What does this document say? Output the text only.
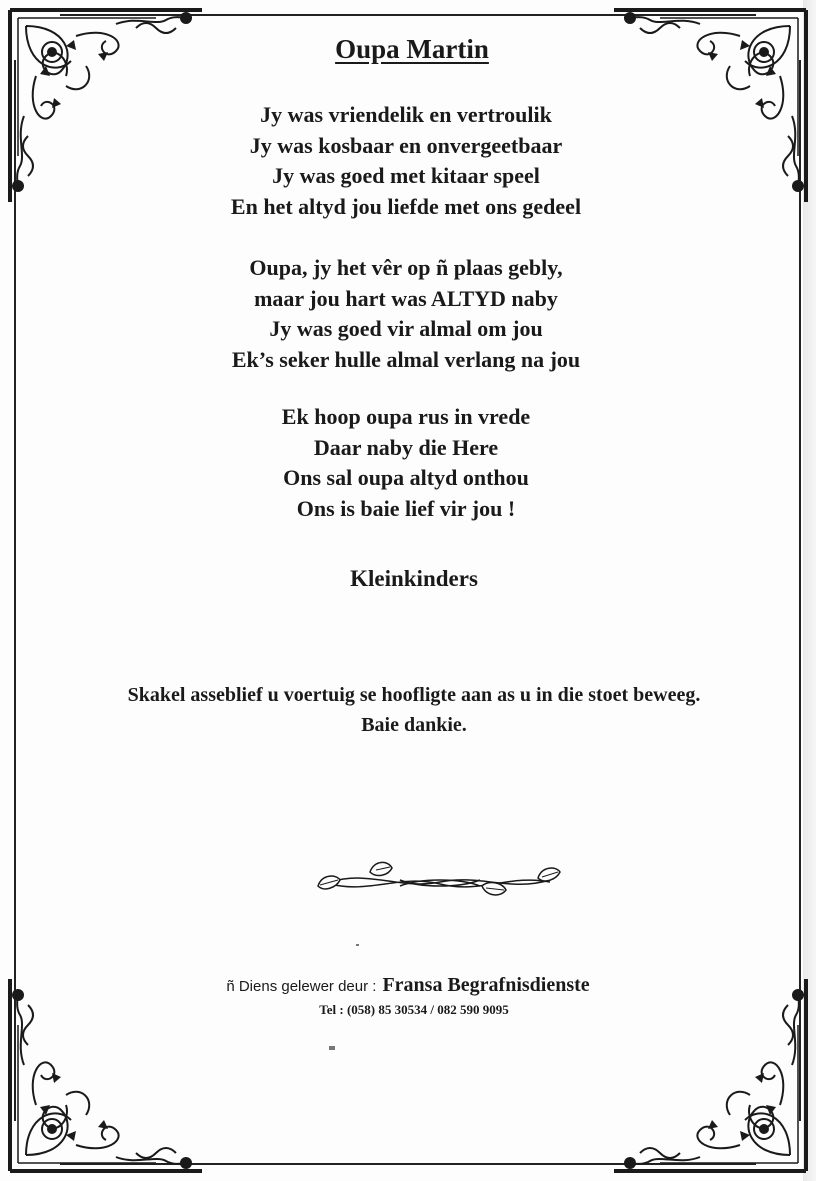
Oupa Martin
Jy was vriendelik en vertroulik
Jy was kosbaar en onvergeetbaar
Jy was goed met kitaar speel
En het altyd jou liefde met ons gedeel
Oupa, jy het vêr op ñ plaas gebly,
maar jou hart was ALTYD naby
Jy was goed vir almal om jou
Ek’s seker hulle almal verlang na jou
Ek hoop oupa rus in vrede
Daar naby die Here
Ons sal oupa altyd onthou
Ons is baie lief vir jou !
Kleinkinders
Skakel asseblief u voertuig se hoofligte aan as u in die stoet beweeg.
Baie dankie.
ñ Diens gelewer deur : Fransa Begrafnisdienste
Tel : (058) 85 30534 / 082 590 9095
